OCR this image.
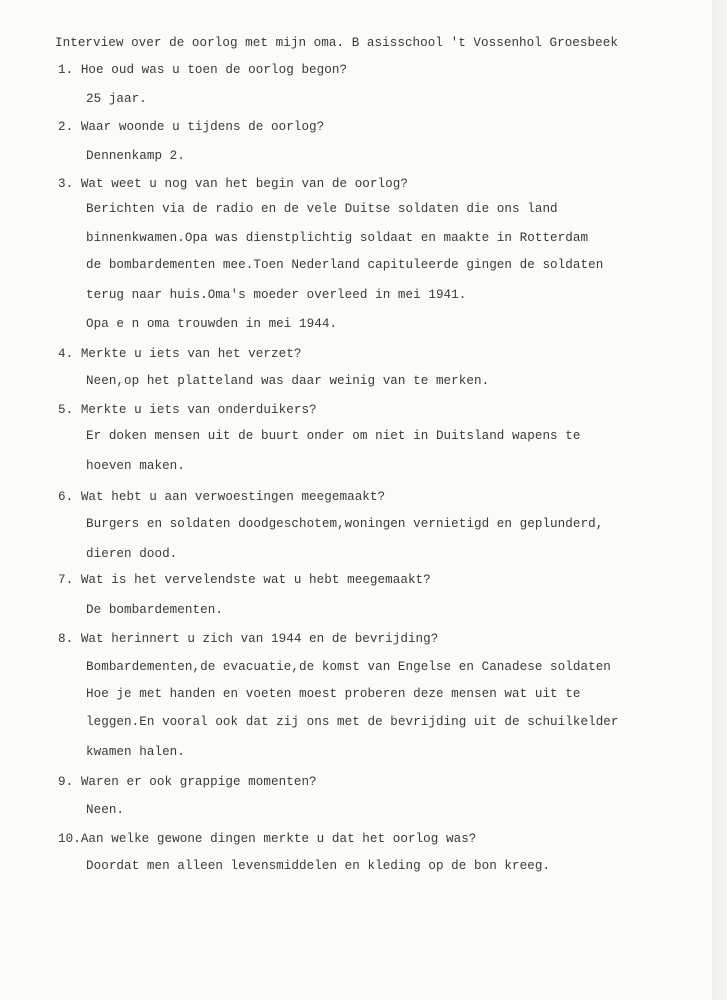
Interview over de oorlog met mijn oma. B asisschool 't Vossenhol Groesbeek
1. Hoe oud was u toen de oorlog begon?
25 jaar.
2. Waar woonde u tijdens de oorlog?
Dennenkamp 2.
3. Wat weet u nog van het begin van de oorlog?
Berichten via de radio en de vele Duitse soldaten die ons land
binnenkwamen.Opa was dienstplichtig soldaat en maakte in Rotterdam
de bombardementen mee.Toen Nederland capituleerde gingen de soldaten
terug naar huis.Oma's moeder overleed in mei 1941.
Opa e n oma trouwden in mei 1944.
4. Merkte u iets van het verzet?
Neen,op het platteland was daar weinig van te merken.
5. Merkte u iets van onderduikers?
Er doken mensen uit de buurt onder om niet in Duitsland wapens te
hoeven maken.
6. Wat hebt u aan verwoestingen meegemaakt?
Burgers en soldaten doodgeschotem,woningen vernietigd en geplunderd,
dieren dood.
7. Wat is het vervelendste wat u hebt meegemaakt?
De bombardementen.
8. Wat herinnert u zich van 1944 en de bevrijding?
Bombardementen,de evacuatie,de komst van Engelse en Canadese soldaten
Hoe je met handen en voeten moest proberen deze mensen wat uit te
leggen.En vooral ook dat zij ons met de bevrijding uit de schuilkelder
kwamen halen.
9. Waren er ook grappige momenten?
Neen.
10.Aan welke gewone dingen merkte u dat het oorlog was?
Doordat men alleen levensmiddelen en kleding op de bon kreeg.
